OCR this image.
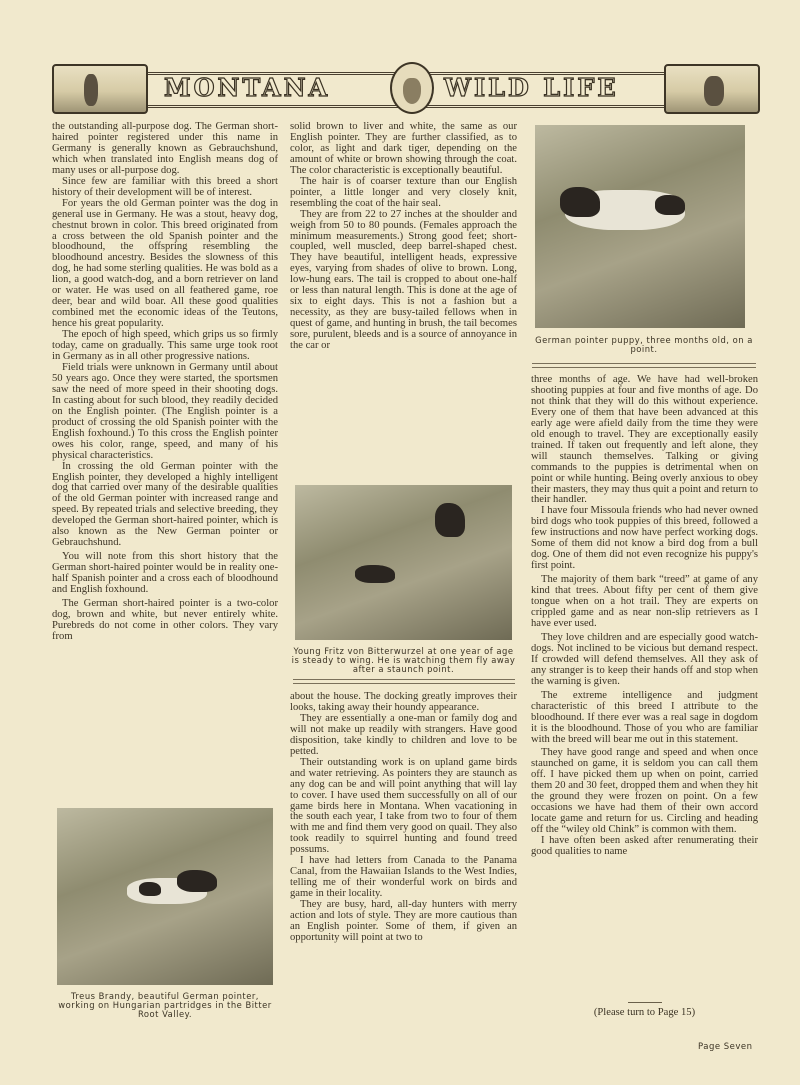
MONTANA	WILD LIFE

the outstanding all-purpose dog. The German short-haired pointer registered under this name in Germany is generally known as Gebrauchshund, which when translated into English means dog of many uses or all-purpose dog.

Since few are familiar with this breed a short history of their development will be of interest.

For years the old German pointer was the dog in general use in Germany. He was a stout, heavy dog, chestnut brown in color. This breed originated from a cross between the old Spanish pointer and the bloodhound, the offspring resembling the bloodhound ancestry. Besides the slowness of this dog, he had some sterling qualities. He was bold as a lion, a good watch-dog, and a born retriever on land or water. He was used on all feathered game, roe deer, bear and wild boar. All these good qualities combined met the economic ideas of the Teutons, hence his great popularity.

The epoch of high speed, which grips us so firmly today, came on gradually. This same urge took root in Germany as in all other progressive nations.

Field trials were unknown in Germany until about 50 years ago. Once they were started, the sportsmen saw the need of more speed in their shooting dogs. In casting about for such blood, they readily decided on the English pointer. (The English pointer is a product of crossing the old Spanish pointer with the English foxhound.) To this cross the English pointer owes his color, range, speed, and many of his physical characteristics.

In crossing the old German pointer with the English pointer, they developed a highly intelligent dog that carried over many of the desirable qualities of the old German pointer with increased range and speed. By repeated trials and selective breeding, they developed the German short-haired pointer, which is also known as the New German pointer or Gebrauchshund.

You will note from this short history that the German short-haired pointer would be in reality one-half Spanish pointer and a cross each of bloodhound and English foxhound.

The German short-haired pointer is a two-color dog, brown and white, but never entirely white. Purebreds do not come in other colors. They vary from

Treus Brandy, beautiful German pointer, working on Hungarian partridges in the Bitter Root Valley.

solid brown to liver and white, the same as our English pointer. They are further classified, as to color, as light and dark tiger, depending on the amount of white or brown showing through the coat. The color characteristic is exceptionally beautiful.

The hair is of coarser texture than our English pointer, a little longer and very closely knit, resembling the coat of the hair seal.

They are from 22 to 27 inches at the shoulder and weigh from 50 to 80 pounds. (Females approach the minimum measurements.) Strong good feet; short-coupled, well muscled, deep barrel-shaped chest. They have beautiful, intelligent heads, expressive eyes, varying from shades of olive to brown. Long, low-hung ears. The tail is cropped to about one-half or less than natural length. This is done at the age of six to eight days. This is not a fashion but a necessity, as they are busy-tailed fellows when in quest of game, and hunting in brush, the tail becomes sore, purulent, bleeds and is a source of annoyance in the car or

Young Fritz von Bitterwurzel at one year of age is steady to wing. He is watching them fly away after a staunch point.

about the house. The docking greatly improves their looks, taking away their houndy appearance.

They are essentially a one-man or family dog and will not make up readily with strangers. Have good disposition, take kindly to children and love to be petted.

Their outstanding work is on upland game birds and water retrieving. As pointers they are staunch as any dog can be and will point anything that will lay to cover. I have used them successfully on all of our game birds here in Montana. When vacationing in the south each year, I take from two to four of them with me and find them very good on quail. They also took readily to squirrel hunting and found treed possums.

I have had letters from Canada to the Panama Canal, from the Hawaiian Islands to the West Indies, telling me of their wonderful work on birds and game in their locality.

They are busy, hard, all-day hunters with merry action and lots of style. They are more cautious than an English pointer. Some of them, if given an opportunity will point at two to

German pointer puppy, three months old, on a point.

three months of age. We have had well-broken shooting puppies at four and five months of age. Do not think that they will do this without experience. Every one of them that have been advanced at this early age were afield daily from the time they were old enough to travel. They are exceptionally easily trained. If taken out frequently and left alone, they will staunch themselves. Talking or giving commands to the puppies is detrimental when on point or while hunting. Being overly anxious to obey their masters, they may thus quit a point and return to their handler.

I have four Missoula friends who had never owned bird dogs who took puppies of this breed, followed a few instructions and now have perfect working dogs. Some of them did not know a bird dog from a bull dog. One of them did not even recognize his puppy's first point.

The majority of them bark “treed” at game of any kind that trees. About fifty per cent of them give tongue when on a hot trail. They are experts on crippled game and as near non-slip retrievers as I have ever used.

They love children and are especially good watch-dogs. Not inclined to be vicious but demand respect. If crowded will defend themselves. All they ask of any stranger is to keep their hands off and stop when the warning is given.

The extreme intelligence and judgment characteristic of this breed I attribute to the bloodhound. If there ever was a real sage in dogdom it is the bloodhound. Those of you who are familiar with the breed will bear me out in this statement.

They have good range and speed and when once staunched on game, it is seldom you can call them off. I have picked them up when on point, carried them 20 and 30 feet, dropped them and when they hit the ground they were frozen on point. On a few occasions we have had them of their own accord locate game and return for us. Circling and heading off the “wiley old Chink” is common with them.

I have often been asked after renumerating their good qualities to name

(Please turn to Page 15)
Page Seven
